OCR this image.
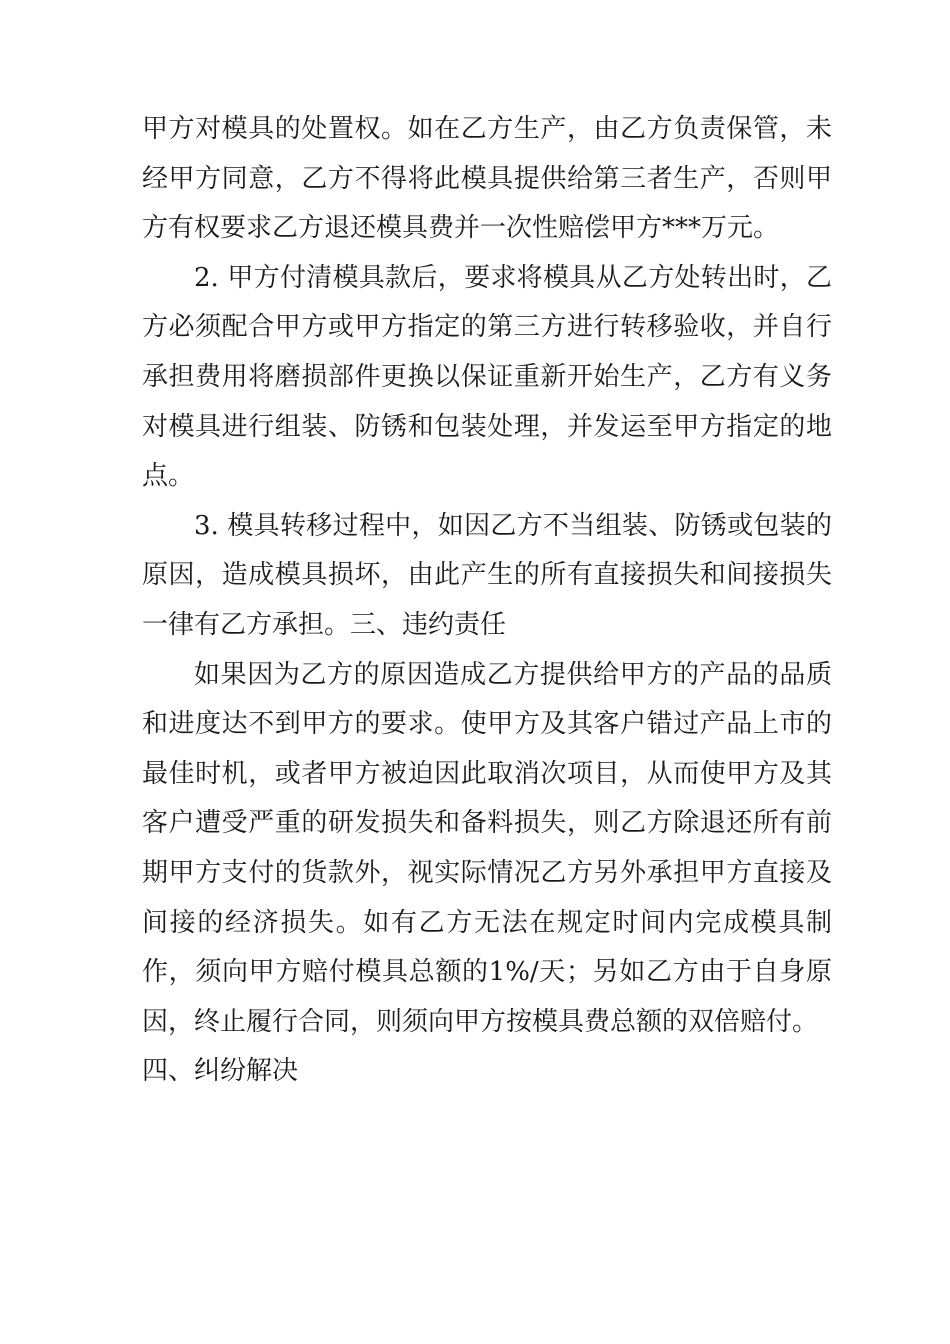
甲方对模具的处置权。如在乙方生产，由乙方负责保管，未经甲方同意，乙方不得将此模具提供给第三者生产，否则甲方有权要求乙方退还模具费并一次性赔偿甲方***万元。

2. 甲方付清模具款后，要求将模具从乙方处转出时，乙方必须配合甲方或甲方指定的第三方进行转移验收，并自行承担费用将磨损部件更换以保证重新开始生产，乙方有义务对模具进行组装、防锈和包装处理，并发运至甲方指定的地点。

3. 模具转移过程中，如因乙方不当组装、防锈或包装的原因，造成模具损坏，由此产生的所有直接损失和间接损失一律有乙方承担。三、违约责任

如果因为乙方的原因造成乙方提供给甲方的产品的品质和进度达不到甲方的要求。使甲方及其客户错过产品上市的最佳时机，或者甲方被迫因此取消次项目，从而使甲方及其客户遭受严重的研发损失和备料损失，则乙方除退还所有前期甲方支付的货款外，视实际情况乙方另外承担甲方直接及间接的经济损失。如有乙方无法在规定时间内完成模具制作，须向甲方赔付模具总额的1%/天；另如乙方由于自身原因，终止履行合同，则须向甲方按模具费总额的双倍赔付。

四、纠纷解决
